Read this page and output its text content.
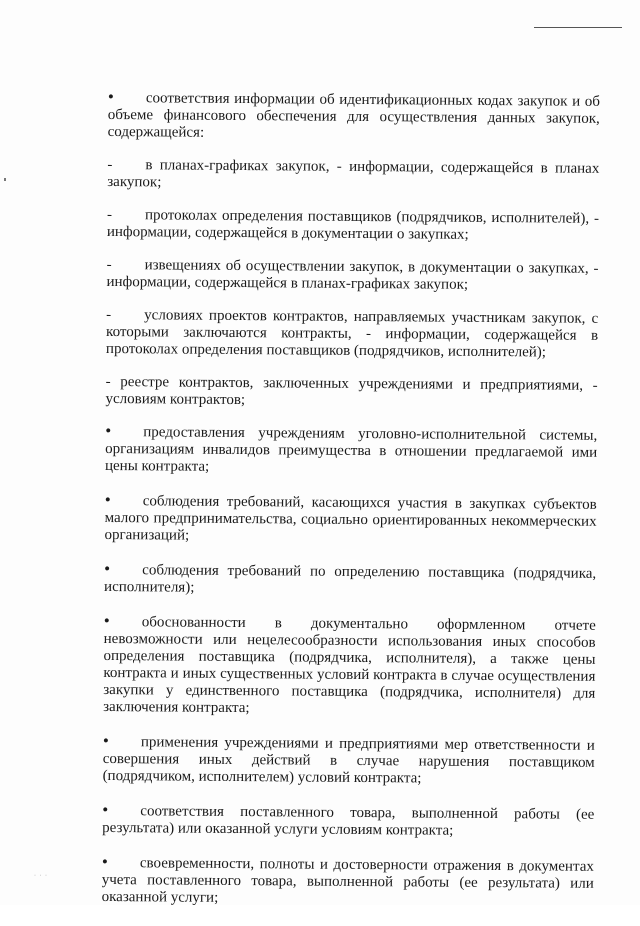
• соответствия информации об идентификационных кодах закупок и об объеме финансового обеспечения для осуществления данных закупок, содержащейся:

- в планах-графиках закупок, - информации, содержащейся в планах закупок;

- протоколах определения поставщиков (подрядчиков, исполнителей), - информации, содержащейся в документации о закупках;

- извещениях об осуществлении закупок, в документации о закупках, - информации, содержащейся в планах-графиках закупок;

- условиях проектов контрактов, направляемых участникам закупок, с которыми заключаются контракты, - информации, содержащейся в протоколах определения поставщиков (подрядчиков, исполнителей);

- реестре контрактов, заключенных учреждениями и предприятиями, - условиям контрактов;

• предоставления учреждениям уголовно-исполнительной системы, организациям инвалидов преимущества в отношении предлагаемой ими цены контракта;

• соблюдения требований, касающихся участия в закупках субъектов малого предпринимательства, социально ориентированных некоммерческих организаций;

• соблюдения требований по определению поставщика (подрядчика, исполнителя);

• обоснованности в документально оформленном отчете невозможности или нецелесообразности использования иных способов определения поставщика (подрядчика, исполнителя), а также цены контракта и иных существенных условий контракта в случае осуществления закупки у единственного поставщика (подрядчика, исполнителя) для заключения контракта;

• применения учреждениями и предприятиями мер ответственности и совершения иных действий в случае нарушения поставщиком (подрядчиком, исполнителем) условий контракта;

• соответствия поставленного товара, выполненной работы (ее результата) или оказанной услуги условиям контракта;

• своевременности, полноты и достоверности отражения в документах учета поставленного товара, выполненной работы (ее результата) или оказанной услуги;

· · ·
